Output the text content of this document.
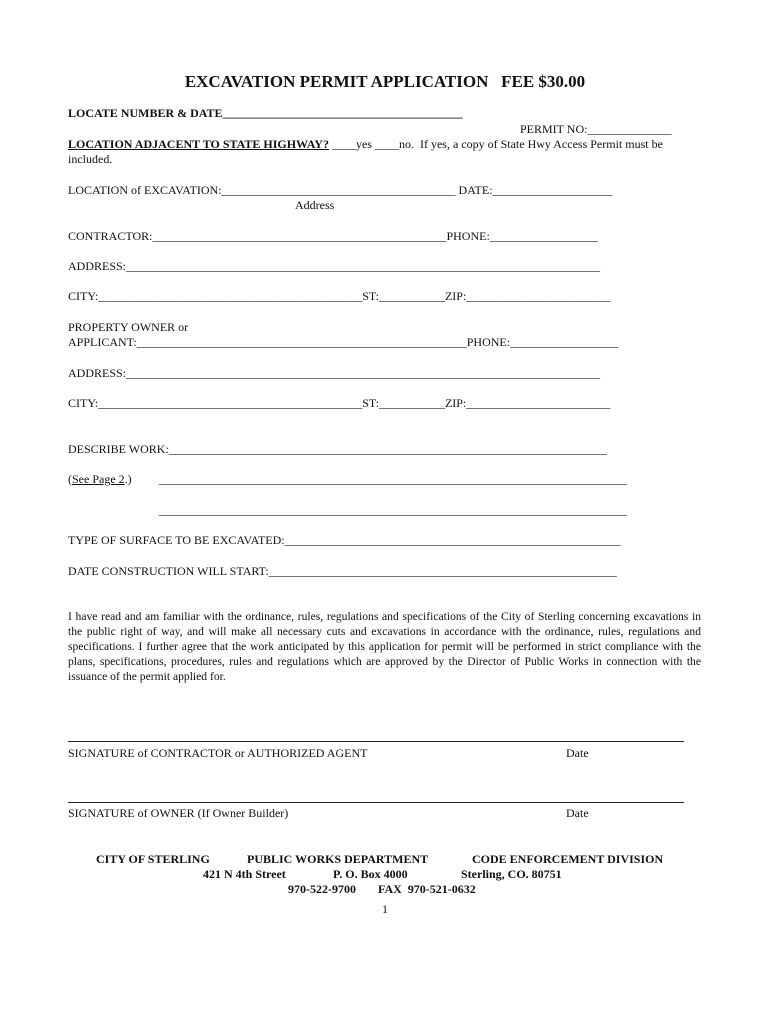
EXCAVATION PERMIT APPLICATION   FEE $30.00
LOCATE NUMBER & DATE________________________________________
PERMIT NO:______________
LOCATION ADJACENT TO STATE HIGHWAY? ____yes ____no.  If yes, a copy of State Hwy Access Permit must be
included.
LOCATION of EXCAVATION:_______________________________________ DATE:____________________
Address
CONTRACTOR:_________________________________________________PHONE:__________________
ADDRESS:_______________________________________________________________________________
CITY:____________________________________________ST:___________ZIP:________________________
PROPERTY OWNER or
APPLICANT:_______________________________________________________PHONE:__________________
ADDRESS:_______________________________________________________________________________
CITY:____________________________________________ST:___________ZIP:________________________
DESCRIBE WORK:_________________________________________________________________________
(See Page 2.) ______________________________________________________________________________
______________________________________________________________________________
TYPE OF SURFACE TO BE EXCAVATED:________________________________________________________
DATE CONSTRUCTION WILL START:__________________________________________________________
I have read and am familiar with the ordinance, rules, regulations and specifications of the City of Sterling concerning excavations in the public right of way, and will make all necessary cuts and excavations in accordance with the ordinance, rules, regulations and specifications. I further agree that the work anticipated by this application for permit will be performed in strict compliance with the plans, specifications, procedures, rules and regulations which are approved by the Director of Public Works in connection with the issuance of the permit applied for.
SIGNATURE of CONTRACTOR or AUTHORIZED AGENT	Date
SIGNATURE of OWNER (If Owner Builder)	Date
CITY OF STERLING	PUBLIC WORKS DEPARTMENT	CODE ENFORCEMENT DIVISION
421 N 4th Street	P. O. Box 4000	Sterling, CO. 80751
970-522-9700 FAX  970-521-0632
1
